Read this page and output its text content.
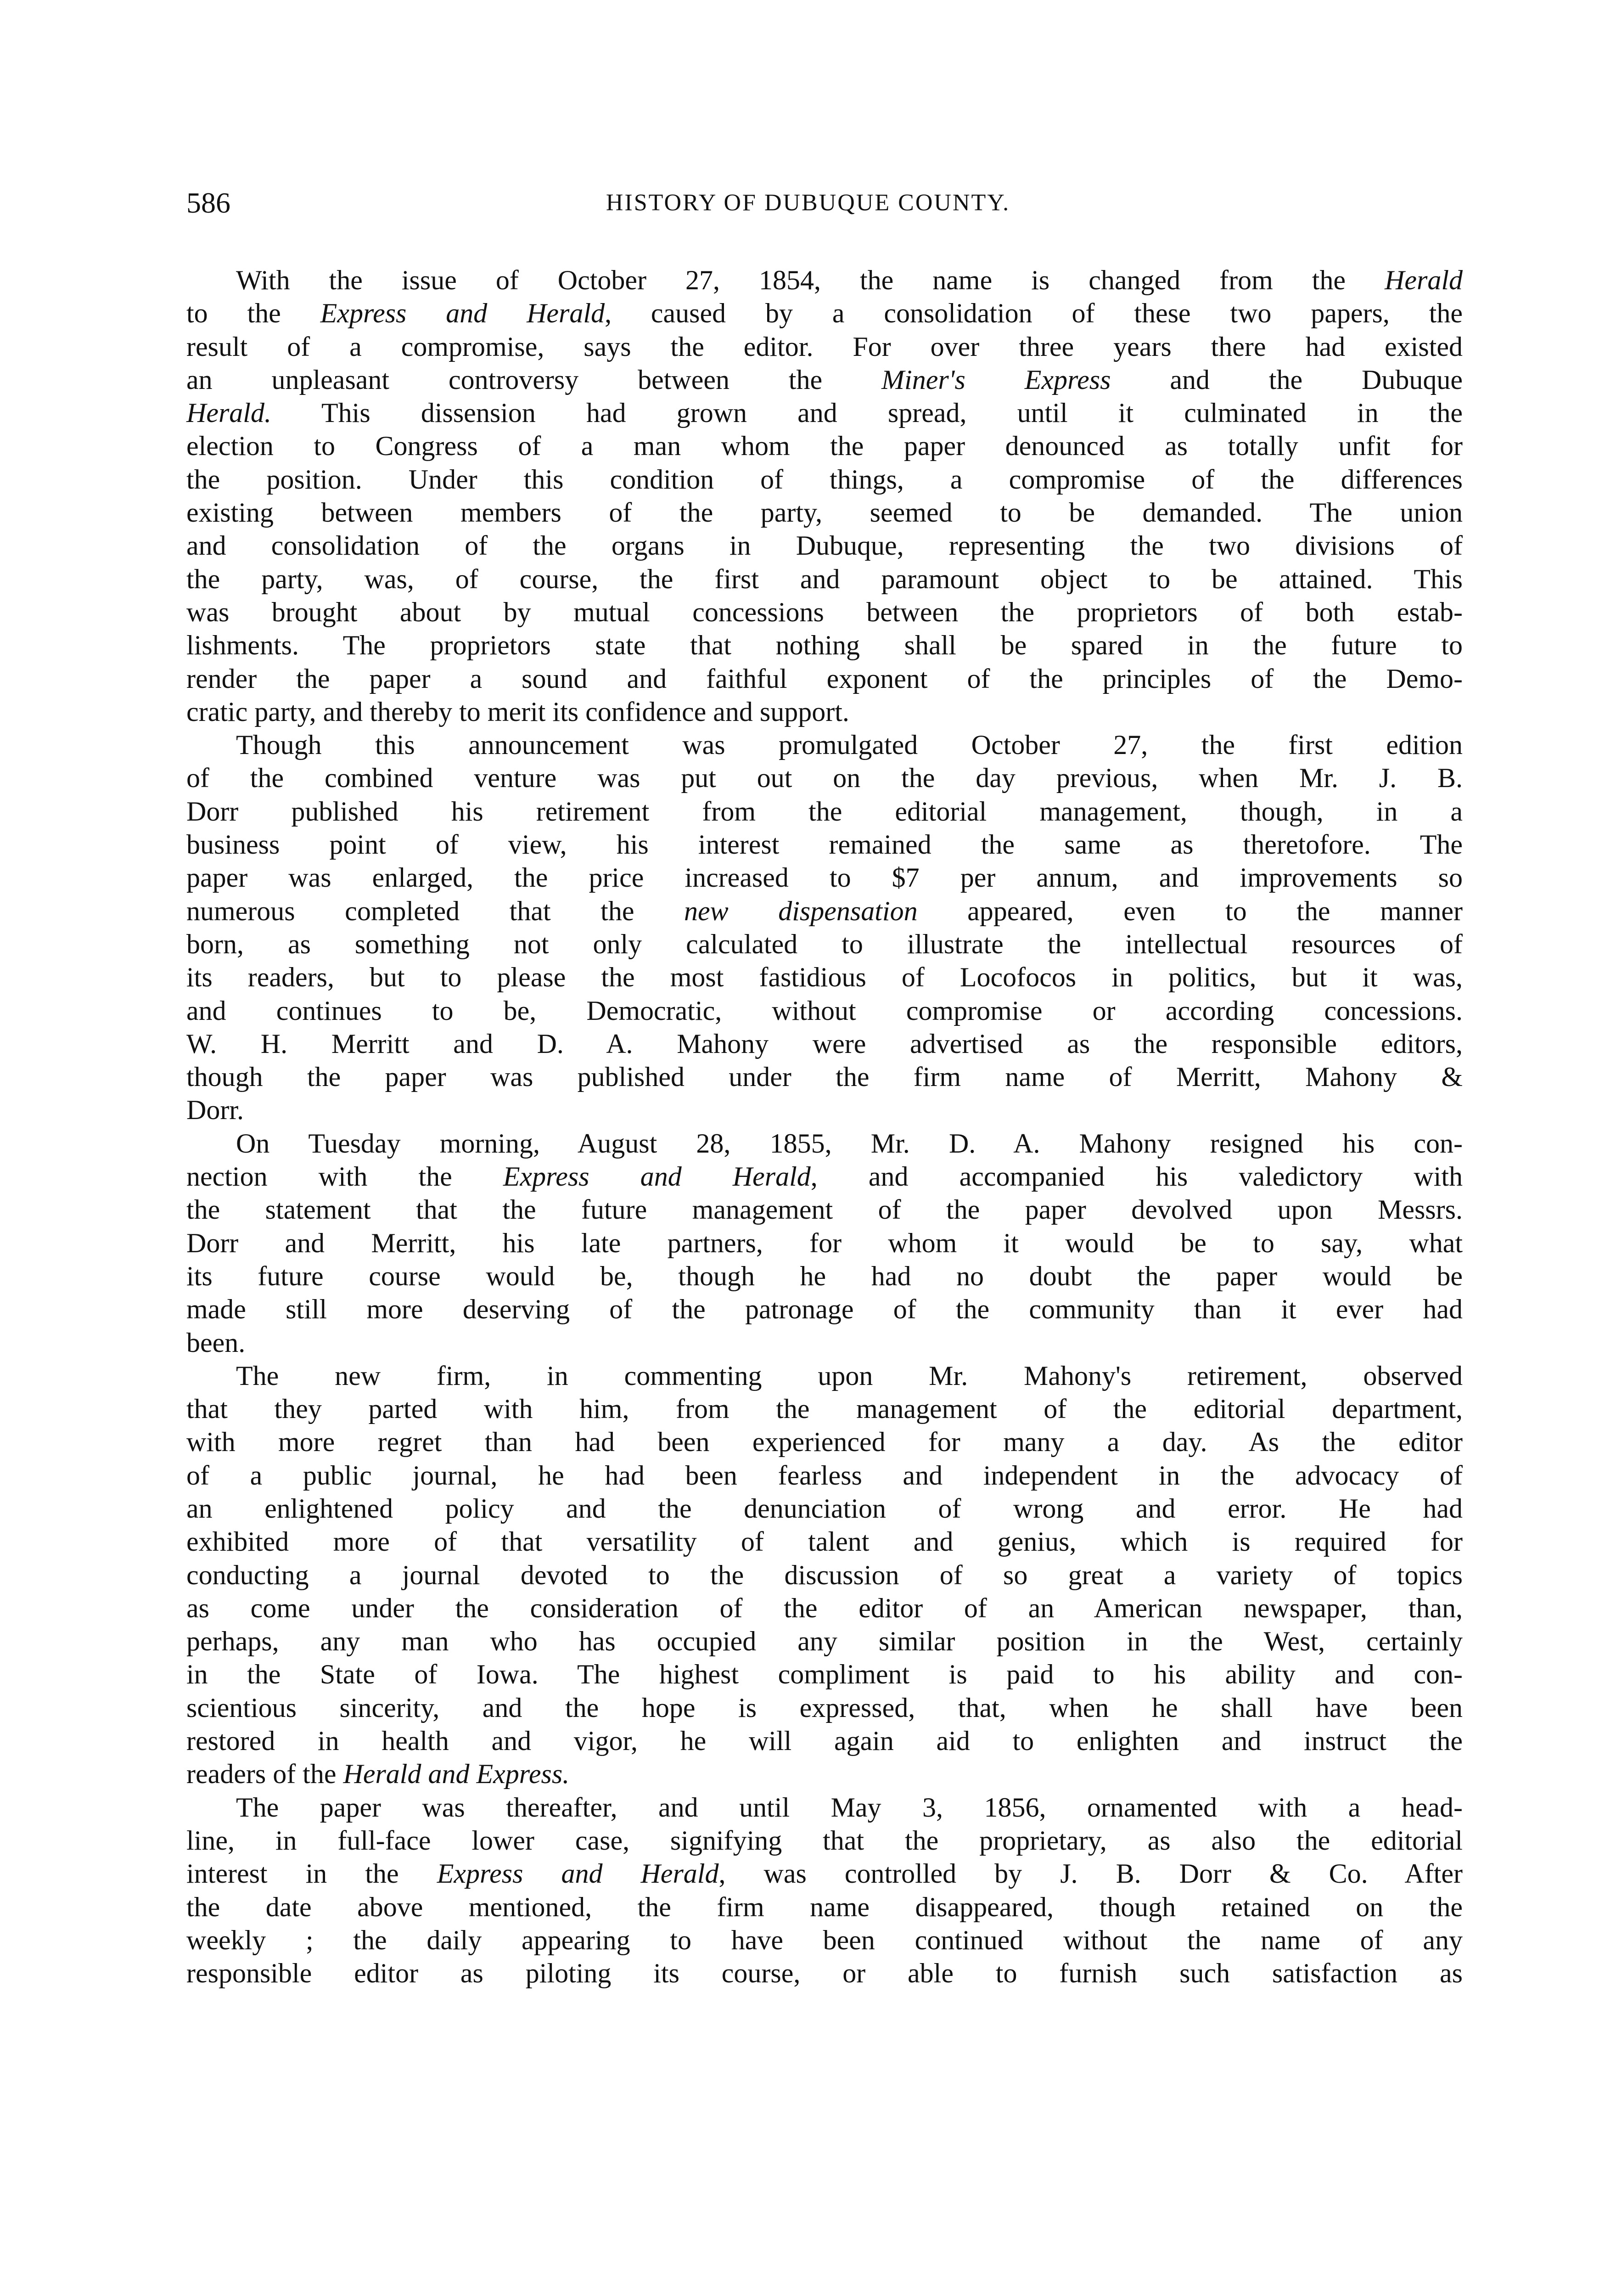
586	HISTORY OF DUBUQUE COUNTY.
With the issue of October 27, 1854, the name is changed from the Herald
to the Express and Herald, caused by a consolidation of these two papers, the
result of a compromise, says the editor. For over three years there had existed
an unpleasant controversy between the Miner's Express and the Dubuque
Herald. This dissension had grown and spread, until it culminated in the
election to Congress of a man whom the paper denounced as totally unfit for
the position. Under this condition of things, a compromise of the differences
existing between members of the party, seemed to be demanded. The union
and consolidation of the organs in Dubuque, representing the two divisions of
the party, was, of course, the first and paramount object to be attained. This
was brought about by mutual concessions between the proprietors of both estab-
lishments. The proprietors state that nothing shall be spared in the future to
render the paper a sound and faithful exponent of the principles of the Demo-
cratic party, and thereby to merit its confidence and support.
Though this announcement was promulgated October 27, the first edition
of the combined venture was put out on the day previous, when Mr. J. B.
Dorr published his retirement from the editorial management, though, in a
business point of view, his interest remained the same as theretofore. The
paper was enlarged, the price increased to $7 per annum, and improvements so
numerous completed that the new dispensation appeared, even to the manner
born, as something not only calculated to illustrate the intellectual resources of
its readers, but to please the most fastidious of Locofocos in politics, but it was,
and continues to be, Democratic, without compromise or according concessions.
W. H. Merritt and D. A. Mahony were advertised as the responsible editors,
though the paper was published under the firm name of Merritt, Mahony &
Dorr.
On Tuesday morning, August 28, 1855, Mr. D. A. Mahony resigned his con-
nection with the Express and Herald, and accompanied his valedictory with
the statement that the future management of the paper devolved upon Messrs.
Dorr and Merritt, his late partners, for whom it would be to say, what
its future course would be, though he had no doubt the paper would be
made still more deserving of the patronage of the community than it ever had
been.
The new firm, in commenting upon Mr. Mahony's retirement, observed
that they parted with him, from the management of the editorial department,
with more regret than had been experienced for many a day. As the editor
of a public journal, he had been fearless and independent in the advocacy of
an enlightened policy and the denunciation of wrong and error. He had
exhibited more of that versatility of talent and genius, which is required for
conducting a journal devoted to the discussion of so great a variety of topics
as come under the consideration of the editor of an American newspaper, than,
perhaps, any man who has occupied any similar position in the West, certainly
in the State of Iowa. The highest compliment is paid to his ability and con-
scientious sincerity, and the hope is expressed, that, when he shall have been
restored in health and vigor, he will again aid to enlighten and instruct the
readers of the Herald and Express.
The paper was thereafter, and until May 3, 1856, ornamented with a head-
line, in full-face lower case, signifying that the proprietary, as also the editorial
interest in the Express and Herald, was controlled by J. B. Dorr & Co. After
the date above mentioned, the firm name disappeared, though retained on the
weekly ; the daily appearing to have been continued without the name of any
responsible editor as piloting its course, or able to furnish such satisfaction as
